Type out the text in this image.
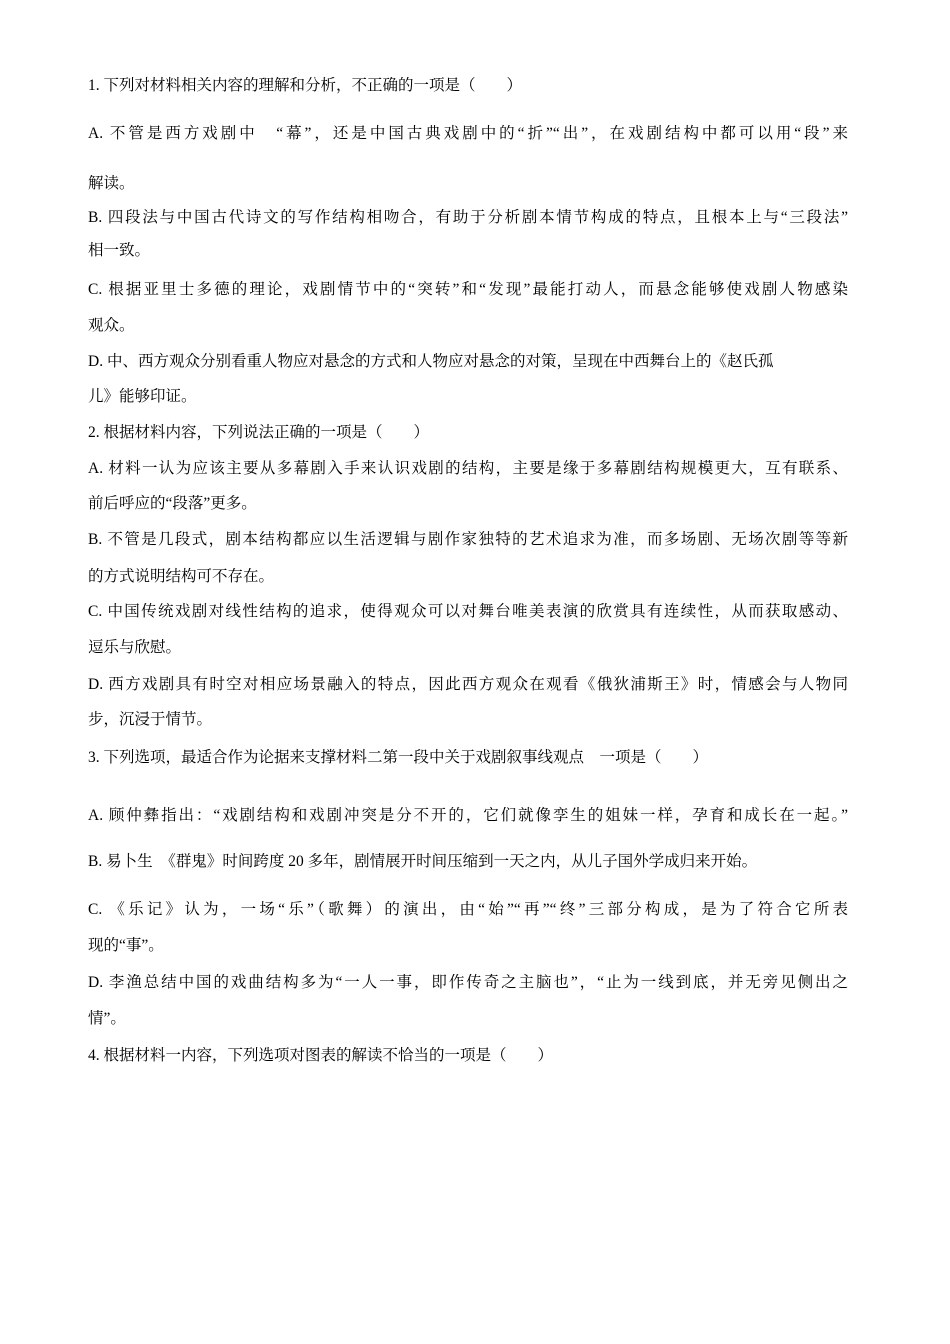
1. 下列对材料相关内容的理解和分析，不正确的一项是（　　）
A. 不管是西方戏剧中　“幕”，还是中国古典戏剧中的“折”“出”，在戏剧结构中都可以用“段”来
解读。
B. 四段法与中国古代诗文的写作结构相吻合，有助于分析剧本情节构成的特点，且根本上与“三段法”
相一致。
C. 根据亚里士多德的理论，戏剧情节中的“突转”和“发现”最能打动人，而悬念能够使戏剧人物感染
观众。
D. 中、西方观众分别看重人物应对悬念的方式和人物应对悬念的对策，呈现在中西舞台上的《赵氏孤
儿》能够印证。
2. 根据材料内容，下列说法正确的一项是（　　）
A. 材料一认为应该主要从多幕剧入手来认识戏剧的结构，主要是缘于多幕剧结构规模更大，互有联系、
前后呼应的“段落”更多。
B. 不管是几段式，剧本结构都应以生活逻辑与剧作家独特的艺术追求为准，而多场剧、无场次剧等等新
的方式说明结构可不存在。
C. 中国传统戏剧对线性结构的追求，使得观众可以对舞台唯美表演的欣赏具有连续性，从而获取感动、
逗乐与欣慰。
D. 西方戏剧具有时空对相应场景融入的特点，因此西方观众在观看《俄狄浦斯王》时，情感会与人物同
步，沉浸于情节。
3. 下列选项，最适合作为论据来支撑材料二第一段中关于戏剧叙事线观点　一项是（　　）
A. 顾仲彝指出：“戏剧结构和戏剧冲突是分不开的，它们就像孪生的姐妹一样，孕育和成长在一起。”
B. 易卜生　《群鬼》时间跨度 20 多年，剧情展开时间压缩到一天之内，从儿子国外学成归来开始。
C. 《乐记》认为，一场“乐”（歌舞）的演出，由“始”“再”“终”三部分构成，是为了符合它所表
现的“事”。
D. 李渔总结中国的戏曲结构多为“一人一事，即作传奇之主脑也”，“止为一线到底，并无旁见侧出之
情”。
4. 根据材料一内容，下列选项对图表的解读不恰当的一项是（　　）
